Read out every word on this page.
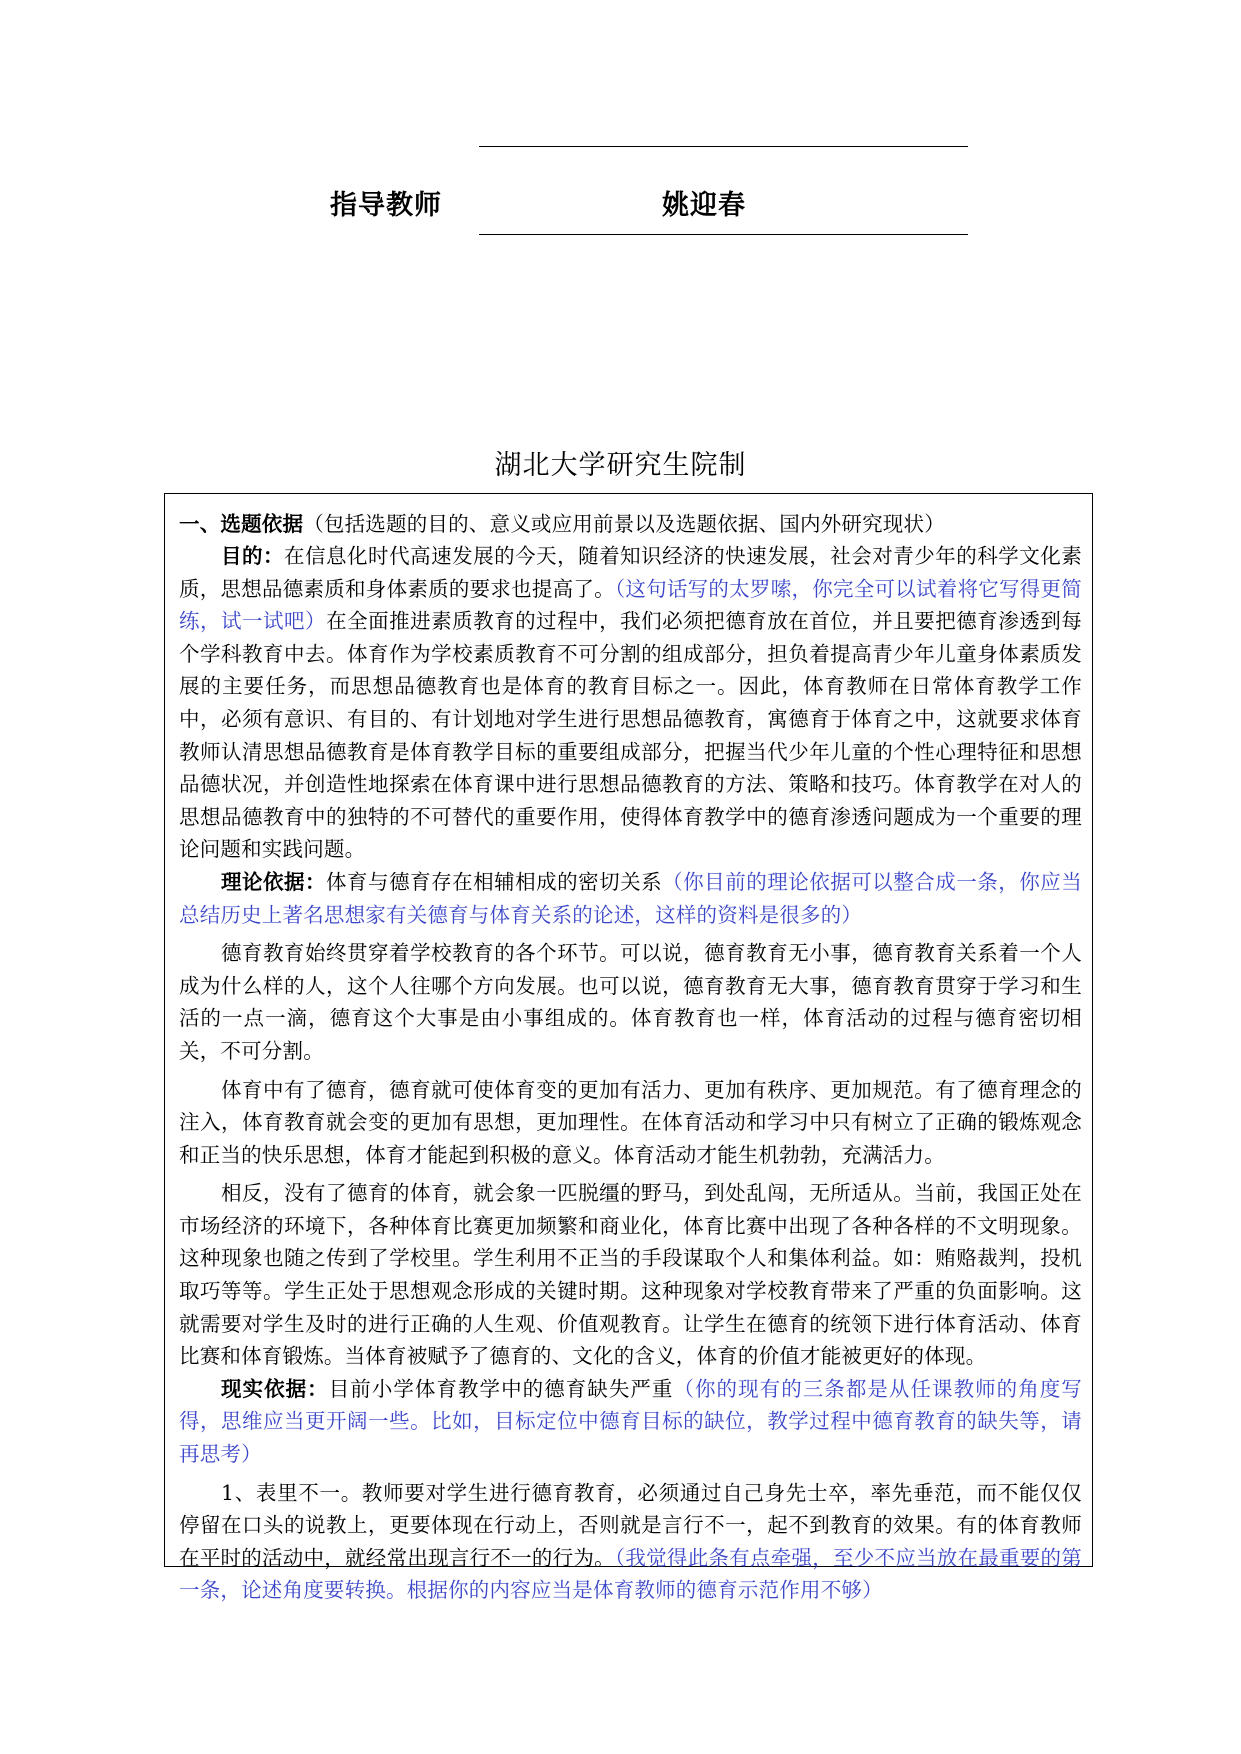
指导教师	姚迎春
湖北大学研究生院制
一、选题依据（包括选题的目的、意义或应用前景以及选题依据、国内外研究现状）

目的：在信息化时代高速发展的今天，随着知识经济的快速发展，社会对青少年的科学文化素质，思想品德素质和身体素质的要求也提高了。（这句话写的太罗嗦，你完全可以试着将它写得更简练，试一试吧）在全面推进素质教育的过程中，我们必须把德育放在首位，并且要把德育渗透到每个学科教育中去。体育作为学校素质教育不可分割的组成部分，担负着提高青少年儿童身体素质发展的主要任务，而思想品德教育也是体育的教育目标之一。因此，体育教师在日常体育教学工作中，必须有意识、有目的、有计划地对学生进行思想品德教育，寓德育于体育之中，这就要求体育教师认清思想品德教育是体育教学目标的重要组成部分，把握当代少年儿童的个性心理特征和思想品德状况，并创造性地探索在体育课中进行思想品德教育的方法、策略和技巧。体育教学在对人的思想品德教育中的独特的不可替代的重要作用，使得体育教学中的德育渗透问题成为一个重要的理论问题和实践问题。

理论依据：体育与德育存在相辅相成的密切关系（你目前的理论依据可以整合成一条，你应当总结历史上著名思想家有关德育与体育关系的论述，这样的资料是很多的）

德育教育始终贯穿着学校教育的各个环节。可以说，德育教育无小事，德育教育关系着一个人成为什么样的人，这个人往哪个方向发展。也可以说，德育教育无大事，德育教育贯穿于学习和生活的一点一滴，德育这个大事是由小事组成的。体育教育也一样，体育活动的过程与德育密切相关，不可分割。

体育中有了德育，德育就可使体育变的更加有活力、更加有秩序、更加规范。有了德育理念的注入，体育教育就会变的更加有思想，更加理性。在体育活动和学习中只有树立了正确的锻炼观念和正当的快乐思想，体育才能起到积极的意义。体育活动才能生机勃勃，充满活力。

相反，没有了德育的体育，就会象一匹脱缰的野马，到处乱闯，无所适从。当前，我国正处在市场经济的环境下，各种体育比赛更加频繁和商业化，体育比赛中出现了各种各样的不文明现象。这种现象也随之传到了学校里。学生利用不正当的手段谋取个人和集体利益。如：贿赂裁判，投机取巧等等。学生正处于思想观念形成的关键时期。这种现象对学校教育带来了严重的负面影响。这就需要对学生及时的进行正确的人生观、价值观教育。让学生在德育的统领下进行体育活动、体育比赛和体育锻炼。当体育被赋予了德育的、文化的含义，体育的价值才能被更好的体现。

现实依据：目前小学体育教学中的德育缺失严重（你的现有的三条都是从任课教师的角度写得，思维应当更开阔一些。比如，目标定位中德育目标的缺位，教学过程中德育教育的缺失等，请再思考）

1、表里不一。教师要对学生进行德育教育，必须通过自己身先士卒，率先垂范，而不能仅仅停留在口头的说教上，更要体现在行动上，否则就是言行不一，起不到教育的效果。有的体育教师在平时的活动中，就经常出现言行不一的行为。（我觉得此条有点牵强，至少不应当放在最重要的第一条，论述角度要转换。根据你的内容应当是体育教师的德育示范作用不够）
